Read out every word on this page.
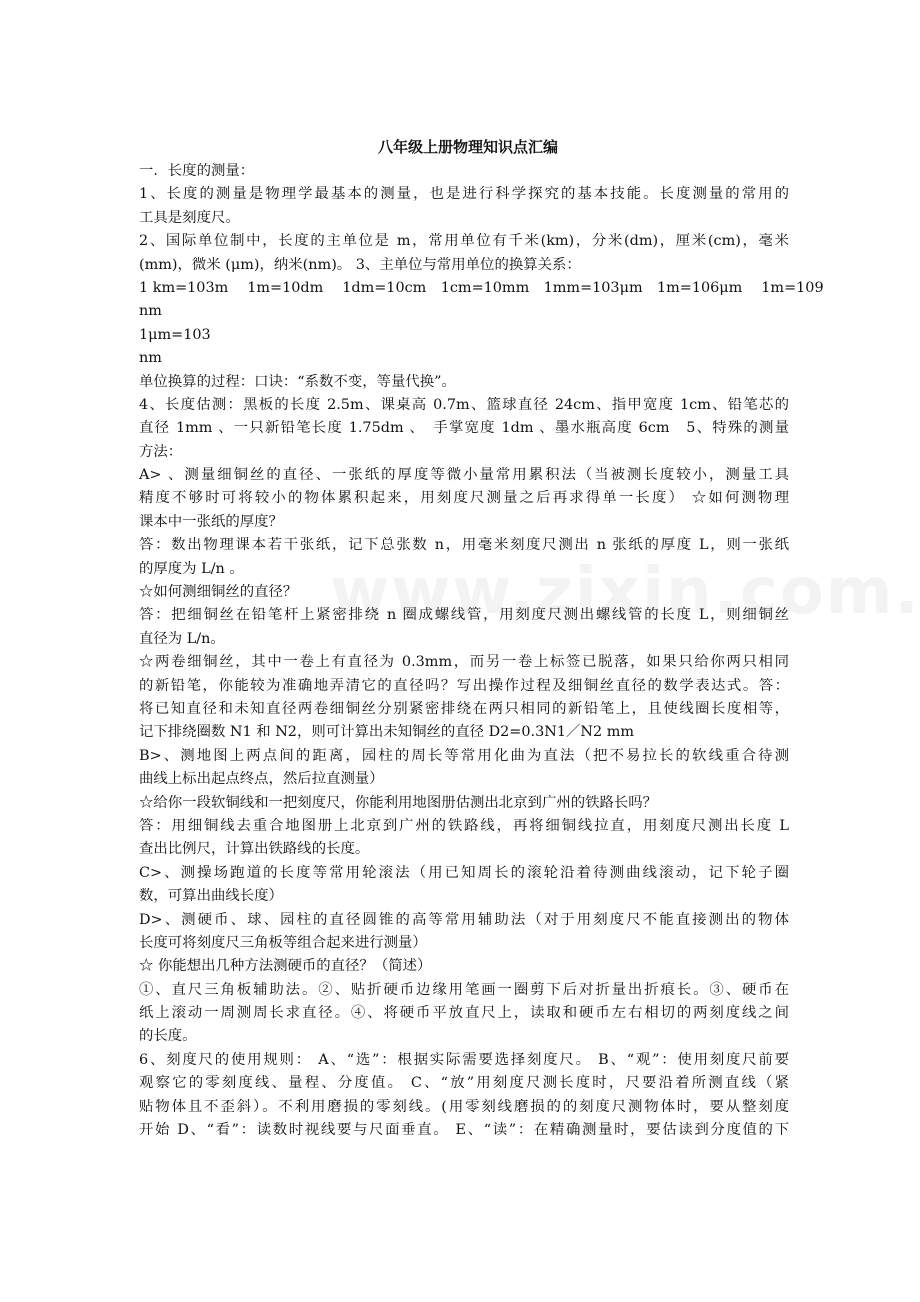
八年级上册物理知识点汇编

一．长度的测量：

1、长度的测量是物理学最基本的测量，也是进行科学探究的基本技能。长度测量的常用的

工具是刻度尺。

2、国际单位制中，长度的主单位是 m，常用单位有千米(km)，分米(dm)，厘米(cm)，毫米

(mm)，微米 (μm)，纳米(nm)。 3、主单位与常用单位的换算关系：

1 km=103m　 1m=10dm　 1dm=10cm　1cm=10mm　1mm=103μm　1m=106μm　 1m=109

nm

1μm=103

nm

单位换算的过程：口诀：“系数不变，等量代换”。

4、长度估测：黑板的长度 2.5m、课桌高 0.7m、篮球直径 24cm、指甲宽度 1cm、铅笔芯的

直径 1mm 、一只新铅笔长度 1.75dm 、　手掌宽度 1dm 、墨水瓶高度 6cm　5、特殊的测量

方法：

A> 、测量细铜丝的直径、一张纸的厚度等微小量常用累积法（当被测长度较小，测量工具

精度不够时可将较小的物体累积起来，用刻度尺测量之后再求得单一长度） ☆如何测物理

课本中一张纸的厚度？

答：数出物理课本若干张纸，记下总张数 n，用毫米刻度尺测出 n 张纸的厚度 L，则一张纸

的厚度为 L/n 。

☆如何测细铜丝的直径？

答：把细铜丝在铅笔杆上紧密排绕 n 圈成螺线管，用刻度尺测出螺线管的长度 L，则细铜丝

直径为 L/n。

☆两卷细铜丝，其中一卷上有直径为 0.3mm，而另一卷上标签已脱落，如果只给你两只相同

的新铅笔，你能较为准确地弄清它的直径吗？写出操作过程及细铜丝直径的数学表达式。答：

将已知直径和未知直径两卷细铜丝分别紧密排绕在两只相同的新铅笔上，且使线圈长度相等，

记下排绕圈数 N1 和 N2，则可计算出未知铜丝的直径 D2=0.3N1／N2 mm

B>、测地图上两点间的距离，园柱的周长等常用化曲为直法（把不易拉长的软线重合待测

曲线上标出起点终点，然后拉直测量）

☆给你一段软铜线和一把刻度尺，你能利用地图册估测出北京到广州的铁路长吗？

答：用细铜线去重合地图册上北京到广州的铁路线，再将细铜线拉直，用刻度尺测出长度 L

查出比例尺，计算出铁路线的长度。

C>、测操场跑道的长度等常用轮滚法（用已知周长的滚轮沿着待测曲线滚动，记下轮子圈

数，可算出曲线长度）

D>、测硬币、球、园柱的直径圆锥的高等常用辅助法（对于用刻度尺不能直接测出的物体

长度可将刻度尺三角板等组合起来进行测量）

☆ 你能想出几种方法测硬币的直径？（简述）

①、直尺三角板辅助法。②、贴折硬币边缘用笔画一圈剪下后对折量出折痕长。③、硬币在

纸上滚动一周测周长求直径。④、将硬币平放直尺上，读取和硬币左右相切的两刻度线之间

的长度。

6、刻度尺的使用规则： A、“选”：根据实际需要选择刻度尺。 B、“观”：使用刻度尺前要

观察它的零刻度线、量程、分度值。 C、“放”用刻度尺测长度时，尺要沿着所测直线（紧

贴物体且不歪斜）。不利用磨损的零刻线。(用零刻线磨损的的刻度尺测物体时，要从整刻度

开始 D、“看”：读数时视线要与尺面垂直。 E、“读”：在精确测量时，要估读到分度值的下
